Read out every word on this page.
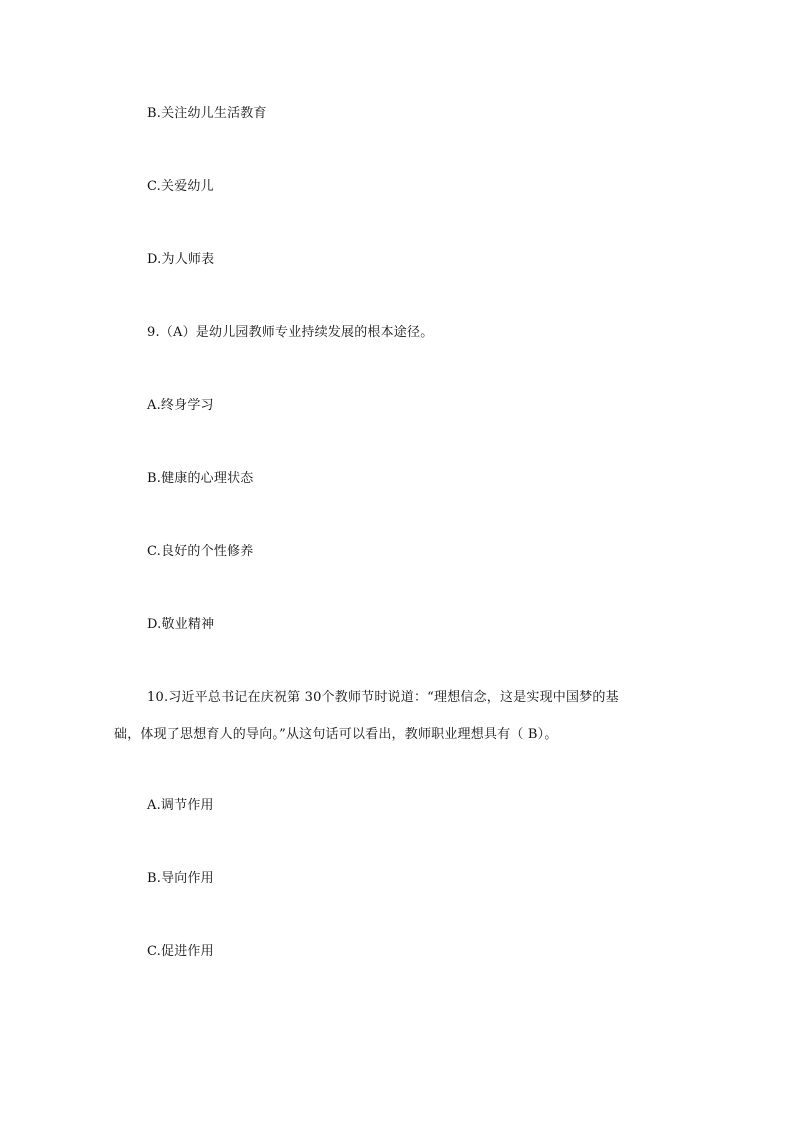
B.关注幼儿生活教育
C.关爱幼儿
D.为人师表
9.（A）是幼儿园教师专业持续发展的根本途径。
A.终身学习
B.健康的心理状态
C.良好的个性修养
D.敬业精神
10.习近平总书记在庆祝第 30个教师节时说道：“理想信念，这是实现中国梦的基
础，体现了思想育人的导向。”从这句话可以看出，教师职业理想具有（ B）。
A.调节作用
B.导向作用
C.促进作用
